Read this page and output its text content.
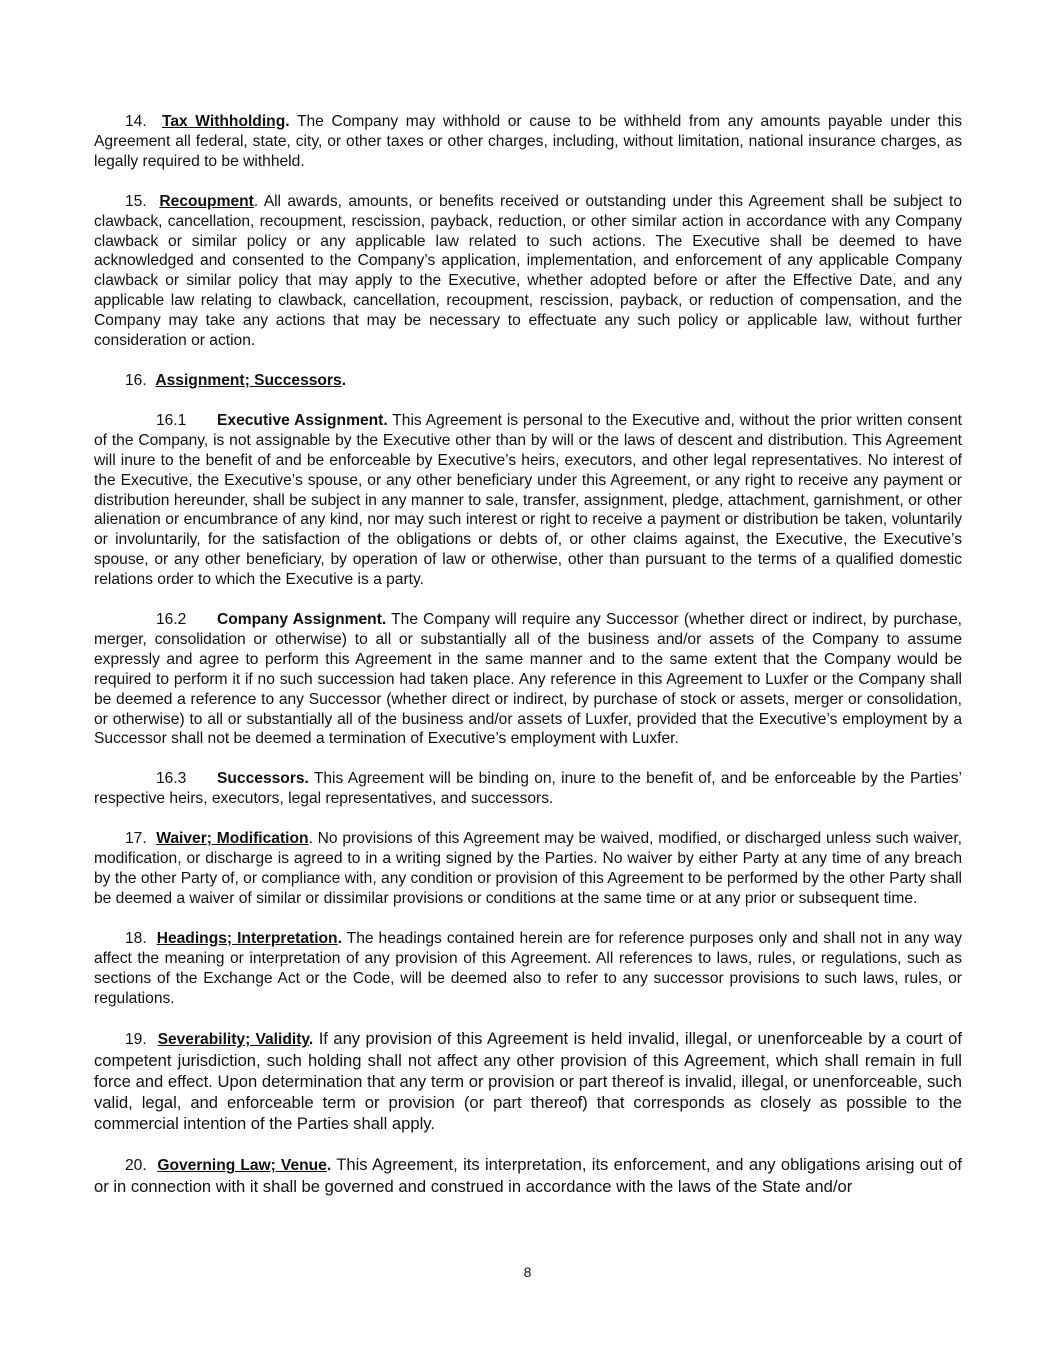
14. Tax Withholding. The Company may withhold or cause to be withheld from any amounts payable under this Agreement all federal, state, city, or other taxes or other charges, including, without limitation, national insurance charges, as legally required to be withheld.

15. Recoupment. All awards, amounts, or benefits received or outstanding under this Agreement shall be subject to clawback, cancellation, recoupment, rescission, payback, reduction, or other similar action in accordance with any Company clawback or similar policy or any applicable law related to such actions. The Executive shall be deemed to have acknowledged and consented to the Company’s application, implementation, and enforcement of any applicable Company clawback or similar policy that may apply to the Executive, whether adopted before or after the Effective Date, and any applicable law relating to clawback, cancellation, recoupment, rescission, payback, or reduction of compensation, and the Company may take any actions that may be necessary to effectuate any such policy or applicable law, without further consideration or action.

16. Assignment; Successors.

16.1 Executive Assignment. This Agreement is personal to the Executive and, without the prior written consent of the Company, is not assignable by the Executive other than by will or the laws of descent and distribution. This Agreement will inure to the benefit of and be enforceable by Executive’s heirs, executors, and other legal representatives. No interest of the Executive, the Executive’s spouse, or any other beneficiary under this Agreement, or any right to receive any payment or distribution hereunder, shall be subject in any manner to sale, transfer, assignment, pledge, attachment, garnishment, or other alienation or encumbrance of any kind, nor may such interest or right to receive a payment or distribution be taken, voluntarily or involuntarily, for the satisfaction of the obligations or debts of, or other claims against, the Executive, the Executive’s spouse, or any other beneficiary, by operation of law or otherwise, other than pursuant to the terms of a qualified domestic relations order to which the Executive is a party.

16.2 Company Assignment. The Company will require any Successor (whether direct or indirect, by purchase, merger, consolidation or otherwise) to all or substantially all of the business and/or assets of the Company to assume expressly and agree to perform this Agreement in the same manner and to the same extent that the Company would be required to perform it if no such succession had taken place. Any reference in this Agreement to Luxfer or the Company shall be deemed a reference to any Successor (whether direct or indirect, by purchase of stock or assets, merger or consolidation, or otherwise) to all or substantially all of the business and/or assets of Luxfer, provided that the Executive’s employment by a Successor shall not be deemed a termination of Executive’s employment with Luxfer.

16.3 Successors. This Agreement will be binding on, inure to the benefit of, and be enforceable by the Parties’ respective heirs, executors, legal representatives, and successors.

17. Waiver; Modification. No provisions of this Agreement may be waived, modified, or discharged unless such waiver, modification, or discharge is agreed to in a writing signed by the Parties. No waiver by either Party at any time of any breach by the other Party of, or compliance with, any condition or provision of this Agreement to be performed by the other Party shall be deemed a waiver of similar or dissimilar provisions or conditions at the same time or at any prior or subsequent time.

18. Headings; Interpretation. The headings contained herein are for reference purposes only and shall not in any way affect the meaning or interpretation of any provision of this Agreement. All references to laws, rules, or regulations, such as sections of the Exchange Act or the Code, will be deemed also to refer to any successor provisions to such laws, rules, or regulations.

19. Severability; Validity. If any provision of this Agreement is held invalid, illegal, or unenforceable by a court of competent jurisdiction, such holding shall not affect any other provision of this Agreement, which shall remain in full force and effect. Upon determination that any term or provision or part thereof is invalid, illegal, or unenforceable, such valid, legal, and enforceable term or provision (or part thereof) that corresponds as closely as possible to the commercial intention of the Parties shall apply.

20. Governing Law; Venue. This Agreement, its interpretation, its enforcement, and any obligations arising out of or in connection with it shall be governed and construed in accordance with the laws of the State and/or

8
